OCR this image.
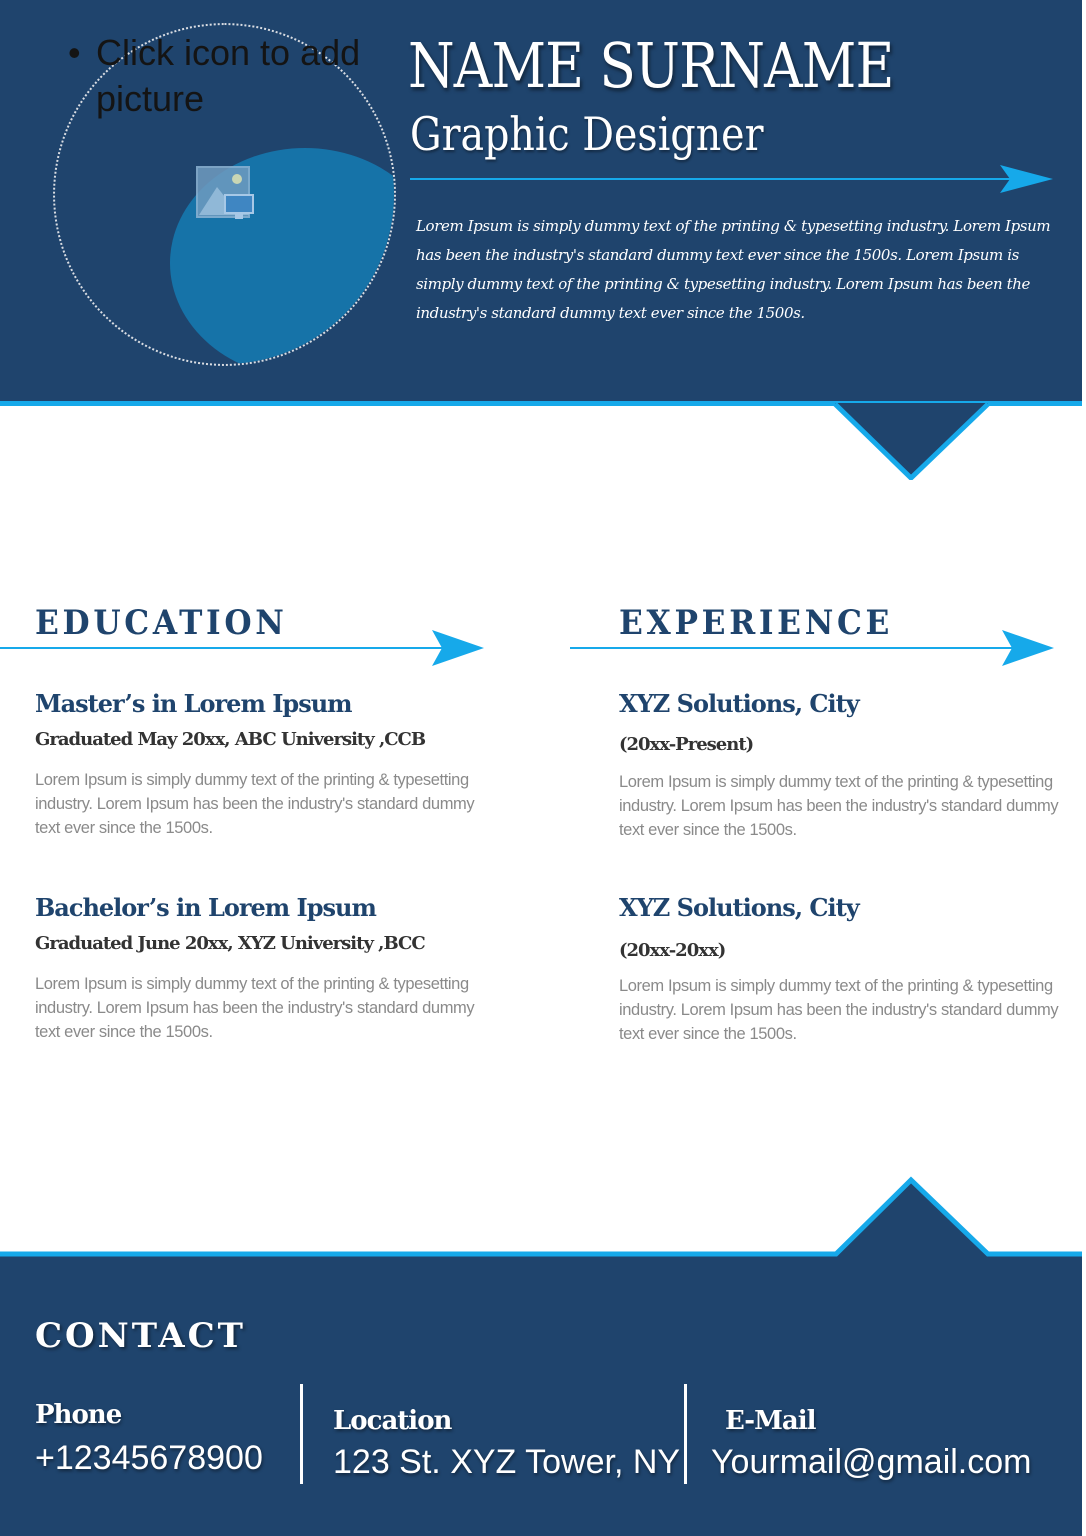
• Click icon to add picture	NAME SURNAME
Graphic Designer
Lorem Ipsum is simply dummy text of the printing & typesetting industry. Lorem Ipsum has been the industry's standard dummy text ever since the 1500s. Lorem Ipsum is simply dummy text of the printing & typesetting industry. Lorem Ipsum has been the industry's standard dummy text ever since the 1500s.
EDUCATION
Master’s in Lorem Ipsum
Graduated May 20xx, ABC University ,CCB
Lorem Ipsum is simply dummy text of the printing & typesetting industry. Lorem Ipsum has been the industry's standard dummy text ever since the 1500s.
Bachelor’s in Lorem Ipsum
Graduated June 20xx, XYZ University ,BCC
Lorem Ipsum is simply dummy text of the printing & typesetting industry. Lorem Ipsum has been the industry's standard dummy text ever since the 1500s.
EXPERIENCE
XYZ Solutions, City
(20xx-Present)
Lorem Ipsum is simply dummy text of the printing & typesetting industry. Lorem Ipsum has been the industry's standard dummy text ever since the 1500s.
XYZ Solutions, City
(20xx-20xx)
Lorem Ipsum is simply dummy text of the printing & typesetting industry. Lorem Ipsum has been the industry's standard dummy text ever since the 1500s.
CONTACT
Phone
+12345678900
Location
123 St. XYZ Tower, NY
E-Mail
Yourmail@gmail.com
